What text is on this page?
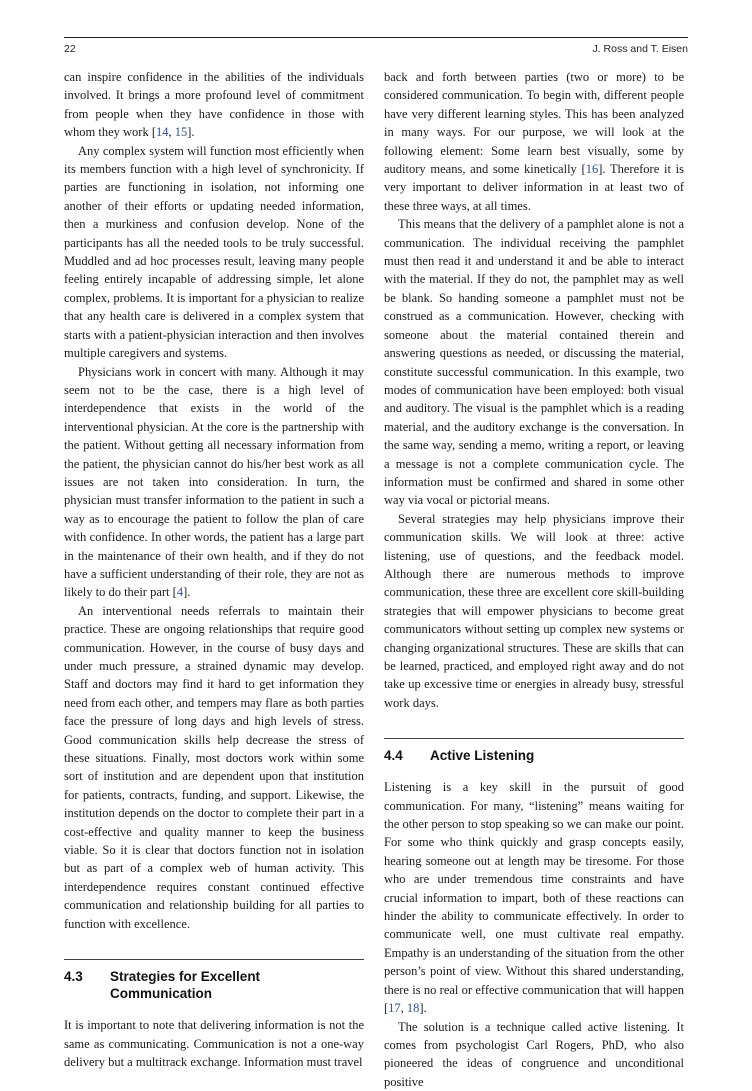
22	J. Ross and T. Eisen

can inspire confidence in the abilities of the individuals involved. It brings a more profound level of commitment from people when they have confidence in those with whom they work [14, 15].

Any complex system will function most efficiently when its members function with a high level of synchronicity. If parties are functioning in isolation, not informing one another of their efforts or updating needed information, then a murkiness and confusion develop. None of the participants has all the needed tools to be truly successful. Muddled and ad hoc processes result, leaving many people feeling entirely incapable of addressing simple, let alone complex, problems. It is important for a physician to realize that any health care is delivered in a complex system that starts with a patient-physician interaction and then involves multiple caregivers and systems.

Physicians work in concert with many. Although it may seem not to be the case, there is a high level of interdependence that exists in the world of the interventional physician. At the core is the partnership with the patient. Without getting all necessary information from the patient, the physician cannot do his/her best work as all issues are not taken into consideration. In turn, the physician must transfer information to the patient in such a way as to encourage the patient to follow the plan of care with confidence. In other words, the patient has a large part in the maintenance of their own health, and if they do not have a sufficient understanding of their role, they are not as likely to do their part [4].

An interventional needs referrals to maintain their practice. These are ongoing relationships that require good communication. However, in the course of busy days and under much pressure, a strained dynamic may develop. Staff and doctors may find it hard to get information they need from each other, and tempers may flare as both parties face the pressure of long days and high levels of stress. Good communication skills help decrease the stress of these situations. Finally, most doctors work within some sort of institution and are dependent upon that institution for patients, contracts, funding, and support. Likewise, the institution depends on the doctor to complete their part in a cost-effective and quality manner to keep the business viable. So it is clear that doctors function not in isolation but as part of a complex web of human activity. This interdependence requires constant continued effective communication and relationship building for all parties to function with excellence.

4.3	Strategies for Excellent Communication

It is important to note that delivering information is not the same as communicating. Communication is not a one-way delivery but a multitrack exchange. Information must travel

back and forth between parties (two or more) to be considered communication. To begin with, different people have very different learning styles. This has been analyzed in many ways. For our purpose, we will look at the following element: Some learn best visually, some by auditory means, and some kinetically [16]. Therefore it is very important to deliver information in at least two of these three ways, at all times.

This means that the delivery of a pamphlet alone is not a communication. The individual receiving the pamphlet must then read it and understand it and be able to interact with the material. If they do not, the pamphlet may as well be blank. So handing someone a pamphlet must not be construed as a communication. However, checking with someone about the material contained therein and answering questions as needed, or discussing the material, constitute successful communication. In this example, two modes of communication have been employed: both visual and auditory. The visual is the pamphlet which is a reading material, and the auditory exchange is the conversation. In the same way, sending a memo, writing a report, or leaving a message is not a complete communication cycle. The information must be confirmed and shared in some other way via vocal or pictorial means.

Several strategies may help physicians improve their communication skills. We will look at three: active listening, use of questions, and the feedback model. Although there are numerous methods to improve communication, these three are excellent core skill-building strategies that will empower physicians to become great communicators without setting up complex new systems or changing organizational structures. These are skills that can be learned, practiced, and employed right away and do not take up excessive time or energies in already busy, stressful work days.

4.4	Active Listening

Listening is a key skill in the pursuit of good communication. For many, “listening” means waiting for the other person to stop speaking so we can make our point. For some who think quickly and grasp concepts easily, hearing someone out at length may be tiresome. For those who are under tremendous time constraints and have crucial information to impart, both of these reactions can hinder the ability to communicate effectively. In order to communicate well, one must cultivate real empathy. Empathy is an understanding of the situation from the other person’s point of view. Without this shared understanding, there is no real or effective communication that will happen [17, 18].

The solution is a technique called active listening. It comes from psychologist Carl Rogers, PhD, who also pioneered the ideas of congruence and unconditional positive
